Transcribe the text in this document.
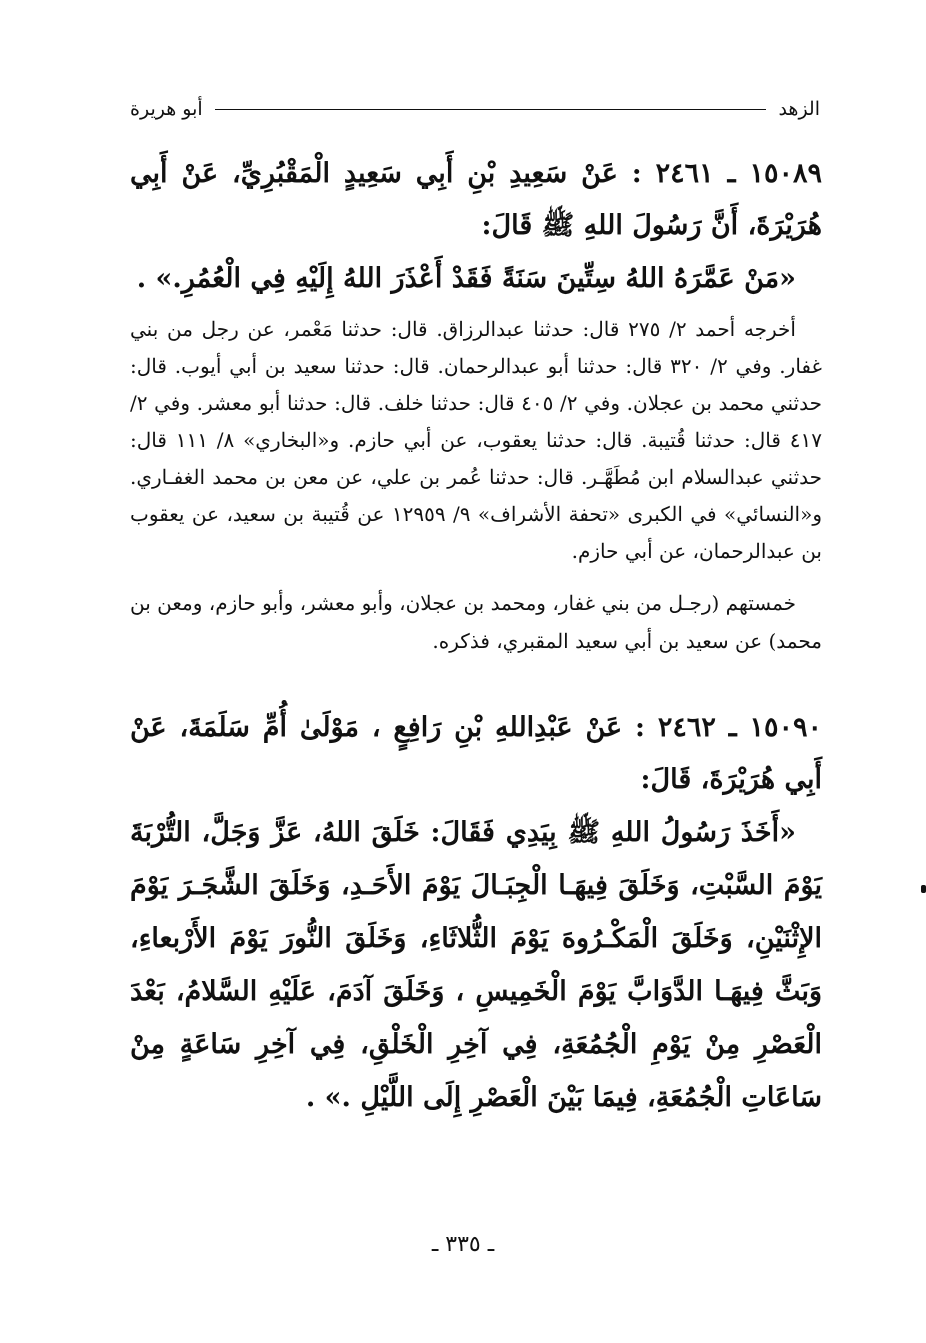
الزهد
أبو هريرة

١٥٠٨٩ ـ ٢٤٦١ : عَنْ سَعِيدِ بْنِ أَبِي سَعِيدٍ الْمَقْبُرِيِّ، عَنْ أَبِي هُرَيْرَةَ، أَنَّ رَسُولَ اللهِ ﷺ قَالَ:

«مَنْ عَمَّرَهُ اللهُ سِتِّينَ سَنَةً فَقَدْ أَعْذَرَ اللهُ إِلَيْهِ فِي الْعُمُرِ.» .

أخرجه أحمد ٢/ ٢٧٥ قال: حدثنا عبدالرزاق. قال: حدثنا مَعْمر، عن رجل من بني غفار. وفي ٢/ ٣٢٠ قال: حدثنا أبو عبدالرحمان. قال: حدثنا سعيد بن أبي أيوب. قال: حدثني محمد بن عجلان. وفي ٢/ ٤٠٥ قال: حدثنا خلف. قال: حدثنا أبو معشر. وفي ٢/ ٤١٧ قال: حدثنا قُتيبة. قال: حدثنا يعقوب، عن أبي حازم. و«البخاري» ٨/ ١١١ قال: حدثني عبدالسلام ابن مُطَهَّـر. قال: حدثنا عُمر بن علي، عن معن بن محمد الغفـاري. و«النسائي» في الكبرى «تحفة الأشراف» ٩/ ١٢٩٥٩ عن قُتيبة بن سعيد، عن يعقوب بن عبدالرحمان، عن أبي حازم.

خمستهم (رجـل من بني غفار، ومحمد بن عجلان، وأبو معشر، وأبو حازم، ومعن بن محمد) عن سعيد بن أبي سعيد المقبري، فذكره.

١٥٠٩٠ ـ ٢٤٦٢ : عَنْ عَبْدِاللهِ بْنِ رَافِعٍ ، مَوْلَىٰ أُمِّ سَلَمَةَ، عَنْ أَبِي هُرَيْرَةَ، قَالَ:

«أَخَذَ رَسُولُ اللهِ ﷺ بِيَدِي فَقَالَ: خَلَقَ اللهُ، عَزَّ وَجَلَّ، التُّرْبَةَ يَوْمَ السَّبْتِ، وَخَلَقَ فِيهَـا الْجِبَـالَ يَوْمَ الأَحَـدِ، وَخَلَقَ الشَّجَـرَ يَوْمَ الإِثْنَيْنِ، وَخَلَقَ الْمَكْـرُوهَ يَوْمَ الثُّلاثَاءِ، وَخَلَقَ النُّورَ يَوْمَ الأَرْبعاءِ، وَبَثَّ فِيهَـا الدَّوَابَّ يَوْمَ الْخَمِيسِ ، وَخَلَقَ آدَمَ، عَلَيْهِ السَّلامُ، بَعْدَ الْعَصْرِ مِنْ يَوْمِ الْجُمُعَةِ، فِي آخِرِ الْخَلْقِ، فِي آخِرِ سَاعَةٍ مِنْ سَاعَاتِ الْجُمُعَةِ، فِيمَا بَيْنَ الْعَصْرِ إِلَى اللَّيْلِ .» .

ـ ٣٣٥ ـ
